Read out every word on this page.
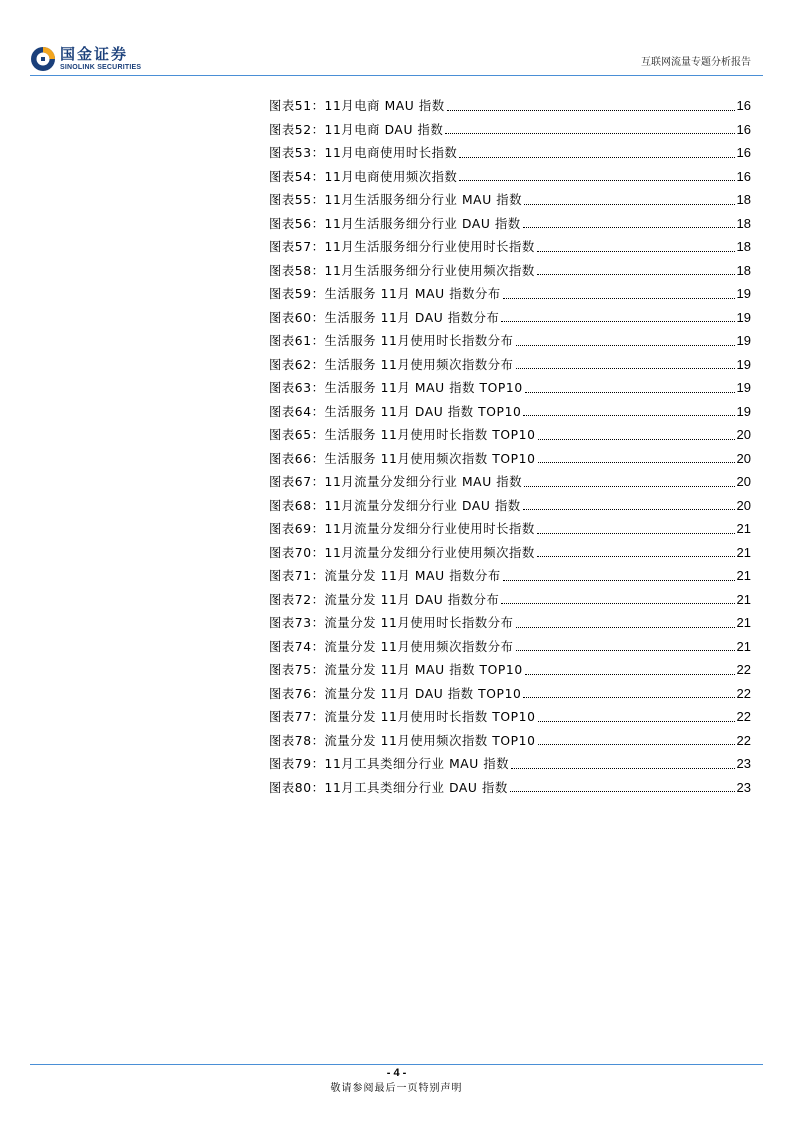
国金证券
SINOLINK SECURITIES	互联网流量专题分析报告
图表51：11月电商 MAU 指数	16
图表52：11月电商 DAU 指数	16
图表53：11月电商使用时长指数	16
图表54：11月电商使用频次指数	16
图表55：11月生活服务细分行业 MAU 指数	18
图表56：11月生活服务细分行业 DAU 指数	18
图表57：11月生活服务细分行业使用时长指数	18
图表58：11月生活服务细分行业使用频次指数	18
图表59：生活服务 11月 MAU 指数分布	19
图表60：生活服务 11月 DAU 指数分布	19
图表61：生活服务 11月使用时长指数分布	19
图表62：生活服务 11月使用频次指数分布	19
图表63：生活服务 11月 MAU 指数 TOP10	19
图表64：生活服务 11月 DAU 指数 TOP10	19
图表65：生活服务 11月使用时长指数 TOP10	20
图表66：生活服务 11月使用频次指数 TOP10	20
图表67：11月流量分发细分行业 MAU 指数	20
图表68：11月流量分发细分行业 DAU 指数	20
图表69：11月流量分发细分行业使用时长指数	21
图表70：11月流量分发细分行业使用频次指数	21
图表71：流量分发 11月 MAU 指数分布	21
图表72：流量分发 11月 DAU 指数分布	21
图表73：流量分发 11月使用时长指数分布	21
图表74：流量分发 11月使用频次指数分布	21
图表75：流量分发 11月 MAU 指数 TOP10	22
图表76：流量分发 11月 DAU 指数 TOP10	22
图表77：流量分发 11月使用时长指数 TOP10	22
图表78：流量分发 11月使用频次指数 TOP10	22
图表79：11月工具类细分行业 MAU 指数	23
图表80：11月工具类细分行业 DAU 指数	23
- 4 -
敬请参阅最后一页特别声明
